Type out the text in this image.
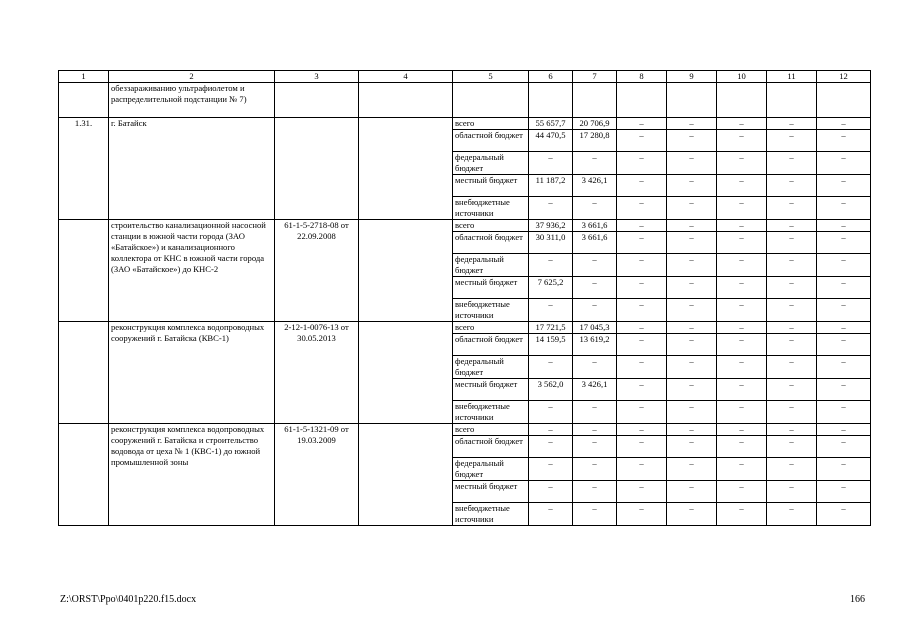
1	2	3	4	5	6	7	8	9	10	11	12
	обеззараживанию ультрафиолетом и распределительной подстанции № 7)										
1.31.	г. Батайск			всего	55 657,7	20 706,9	–	–	–	–	–
				областной бюджет	44 470,5	17 280,8	–	–	–	–	–
				федеральный бюджет	–	–	–	–	–	–	–
				местный бюджет	11 187,2	3 426,1	–	–	–	–	–
				внебюджетные источники	–	–	–	–	–	–	–
	строительство канализационной насосной станции в южной части города (ЗАО «Батайское») и канализационного коллектора от КНС в южной части города (ЗАО «Батайское») до КНС-2	61-1-5-2718-08 от 22.09.2008		всего	37 936,2	3 661,6	–	–	–	–	–
				областной бюджет	30 311,0	3 661,6	–	–	–	–	–
				федеральный бюджет	–	–	–	–	–	–	–
				местный бюджет	7 625,2	–	–	–	–	–	–
				внебюджетные источники	–	–	–	–	–	–	–
	реконструкция комплекса водопроводных сооружений г. Батайска (КВС-1)	2-12-1-0076-13 от 30.05.2013		всего	17 721,5	17 045,3	–	–	–	–	–
				областной бюджет	14 159,5	13 619,2	–	–	–	–	–
				федеральный бюджет	–	–	–	–	–	–	–
				местный бюджет	3 562,0	3 426,1	–	–	–	–	–
				внебюджетные источники	–	–	–	–	–	–	–
	реконструкция комплекса водопроводных сооружений г. Батайска и строительство водовода от цеха № 1 (КВС-1) до южной промышленной зоны	61-1-5-1321-09 от 19.03.2009		всего	–	–	–	–	–	–	–
				областной бюджет	–	–	–	–	–	–	–
				федеральный бюджет	–	–	–	–	–	–	–
				местный бюджет	–	–	–	–	–	–	–
				внебюджетные источники	–	–	–	–	–	–	–
Z:\ORST\Ppo\0401p220.f15.docx	166
